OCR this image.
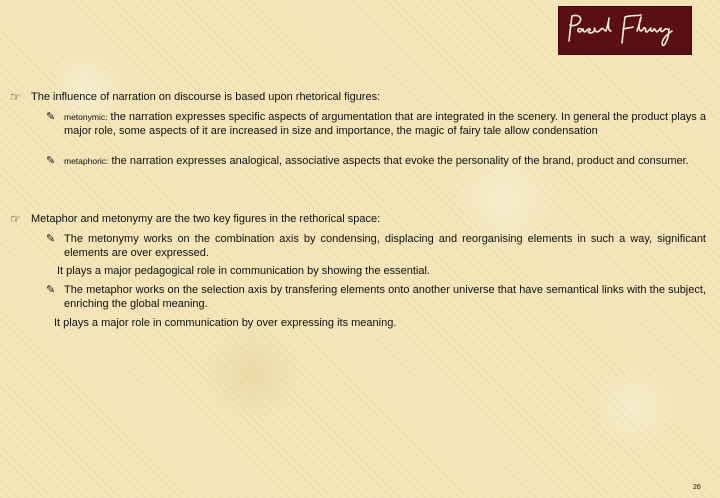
☞ The influence of narration on discourse is based upon rhetorical figures:
✎ metonymic: the narration expresses specific aspects of argumentation that are integrated in the scenery. In general the product plays a major role, some aspects of it are increased in size and importance, the magic of fairy tale allow condensation
✎ metaphoric: the narration expresses analogical, associative aspects that evoke the personality of the brand, product and consumer.
☞ Metaphor and metonymy are the two key figures in the rethorical space:
✎ The metonymy works on the combination axis by condensing, displacing and reorganising elements in such a way, significant elements are over expressed.
It plays a major pedagogical role in communication by showing the essential.
✎ The metaphor works on the selection axis by transfering elements onto another universe that have semantical links with the subject, enriching the global meaning.
It plays a major role in communication by over expressing its meaning.
26
